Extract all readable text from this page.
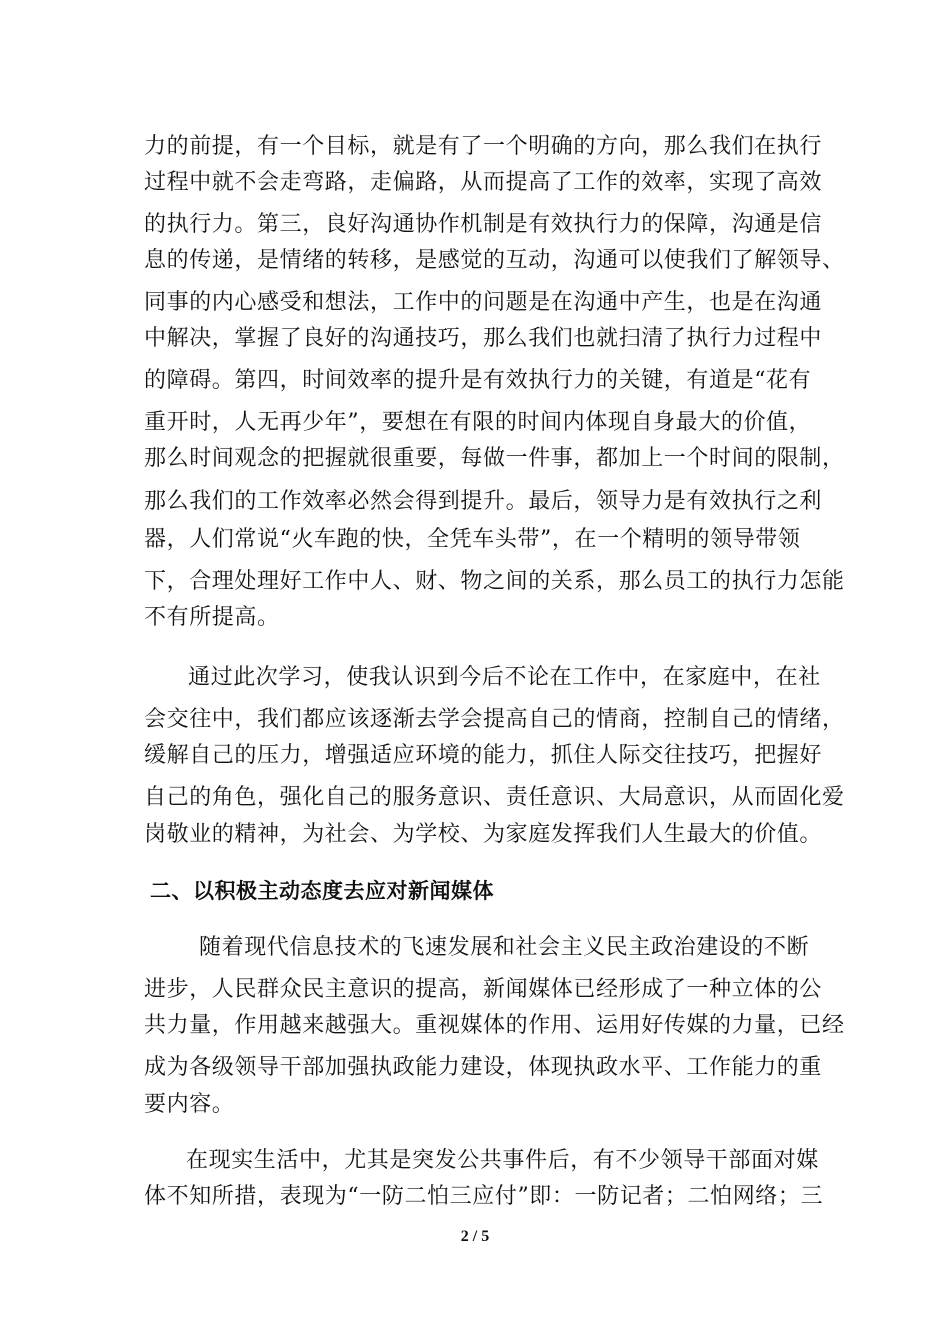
力的前提，有一个目标，就是有了一个明确的方向，那么我们在执行
过程中就不会走弯路，走偏路，从而提高了工作的效率，实现了高效
的执行力。第三，良好沟通协作机制是有效执行力的保障，沟通是信
息的传递，是情绪的转移，是感觉的互动，沟通可以使我们了解领导、
同事的内心感受和想法，工作中的问题是在沟通中产生，也是在沟通
中解决，掌握了良好的沟通技巧，那么我们也就扫清了执行力过程中
的障碍。第四，时间效率的提升是有效执行力的关键，有道是“花有
重开时，人无再少年”，要想在有限的时间内体现自身最大的价值，
那么时间观念的把握就很重要，每做一件事，都加上一个时间的限制，
那么我们的工作效率必然会得到提升。最后，领导力是有效执行之利
器，人们常说“火车跑的快，全凭车头带”，在一个精明的领导带领
下，合理处理好工作中人、财、物之间的关系，那么员工的执行力怎能
不有所提高。
通过此次学习，使我认识到今后不论在工作中，在家庭中，在社
会交往中，我们都应该逐渐去学会提高自己的情商，控制自己的情绪，
缓解自己的压力，增强适应环境的能力，抓住人际交往技巧，把握好
自己的角色，强化自己的服务意识、责任意识、大局意识，从而固化爱
岗敬业的精神，为社会、为学校、为家庭发挥我们人生最大的价值。
二、以积极主动态度去应对新闻媒体
随着现代信息技术的飞速发展和社会主义民主政治建设的不断
进步，人民群众民主意识的提高，新闻媒体已经形成了一种立体的公
共力量，作用越来越强大。重视媒体的作用、运用好传媒的力量，已经
成为各级领导干部加强执政能力建设，体现执政水平、工作能力的重
要内容。
在现实生活中，尤其是突发公共事件后，有不少领导干部面对媒
体不知所措，表现为“一防二怕三应付”即：一防记者；二怕网络；三
2 / 5
